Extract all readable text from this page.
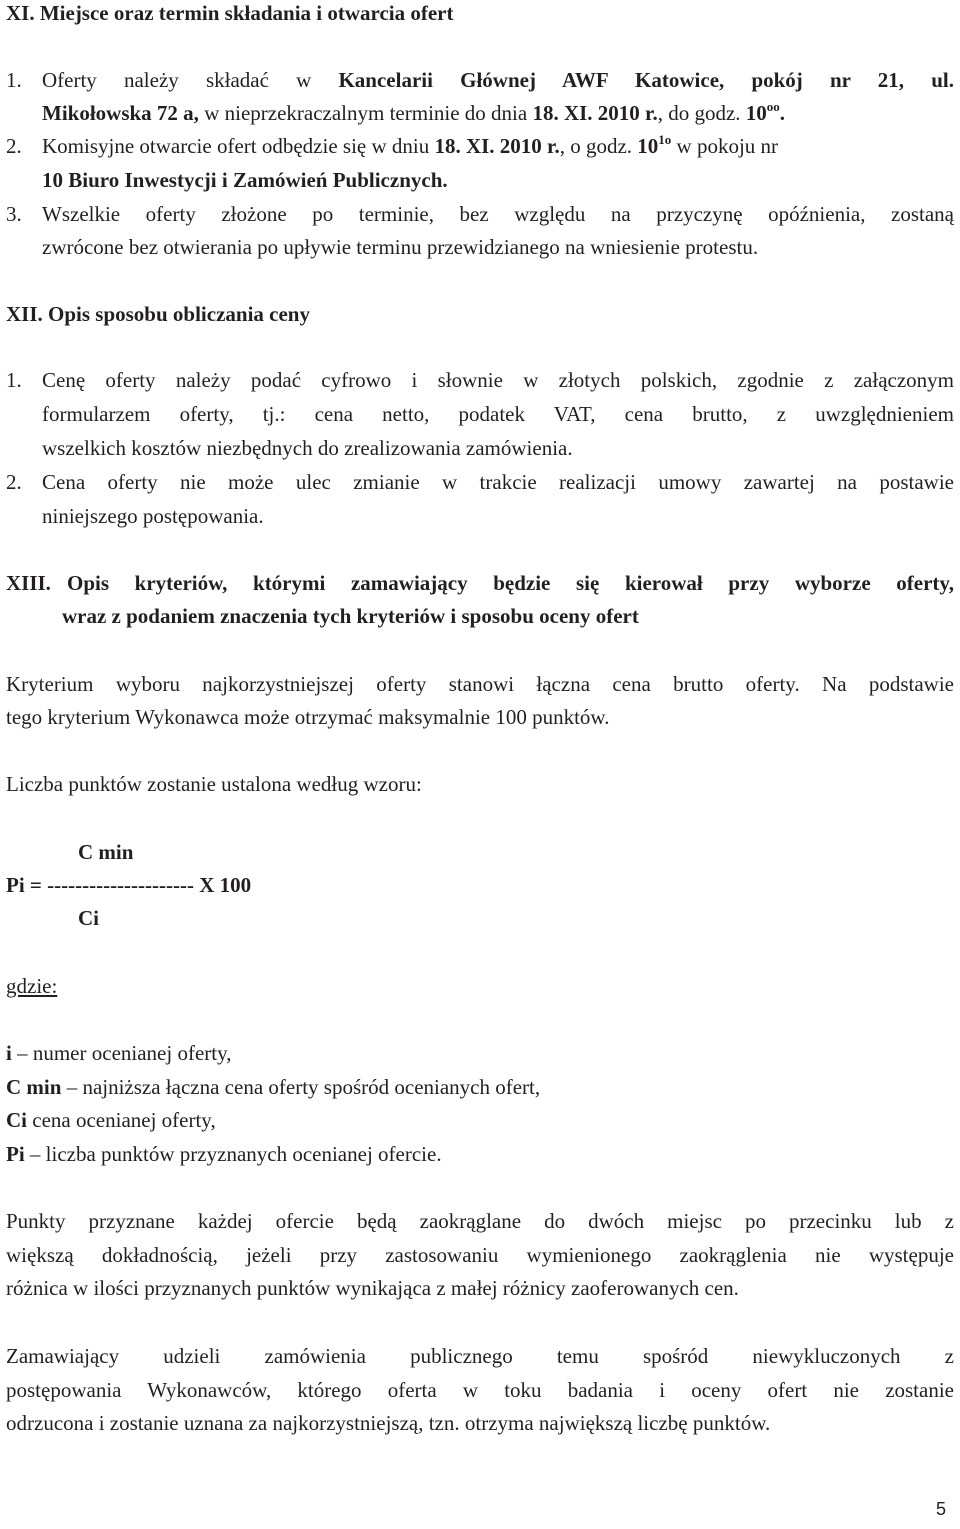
XI. Miejsce oraz termin składania i otwarcia ofert
1. Oferty należy składać w Kancelarii Głównej AWF Katowice, pokój nr 21, ul.
Mikołowska 72 a, w nieprzekraczalnym terminie do dnia 18. XI. 2010 r., do godz. $10^{oo}$.
2. Komisyjne otwarcie ofert odbędzie się w dniu 18. XI. 2010 r., o godz. $10^{1o}$ w pokoju nr
10 Biuro Inwestycji i Zamówień Publicznych.
3. Wszelkie oferty złożone po terminie, bez względu na przyczynę opóźnienia, zostaną
zwrócone bez otwierania po upływie terminu przewidzianego na wniesienie protestu.
XII. Opis sposobu obliczania ceny
1. Cenę oferty należy podać cyfrowo i słownie w złotych polskich, zgodnie z załączonym
formularzem oferty, tj.: cena netto, podatek VAT, cena brutto, z uwzględnieniem
wszelkich kosztów niezbędnych do zrealizowania zamówienia.
2. Cena oferty nie może ulec zmianie w trakcie realizacji umowy zawartej na postawie
niniejszego postępowania.
XIII. Opis kryteriów, którymi zamawiający będzie się kierował przy wyborze oferty,
wraz z podaniem znaczenia tych kryteriów i sposobu oceny ofert
Kryterium wyboru najkorzystniejszej oferty stanowi łączna cena brutto oferty. Na podstawie
tego kryterium Wykonawca może otrzymać maksymalnie 100 punktów.
Liczba punktów zostanie ustalona według wzoru:
C min
Pi = --------------------- X 100
Ci
gdzie:
i – numer ocenianej oferty,
C min – najniższa łączna cena oferty spośród ocenianych ofert,
Ci cena ocenianej oferty,
Pi – liczba punktów przyznanych ocenianej ofercie.
Punkty przyznane każdej ofercie będą zaokrąglane do dwóch miejsc po przecinku lub z
większą dokładnością, jeżeli przy zastosowaniu wymienionego zaokrąglenia nie występuje
różnica w ilości przyznanych punktów wynikająca z małej różnicy zaoferowanych cen.
Zamawiający udzieli zamówienia publicznego temu spośród niewykluczonych z
postępowania Wykonawców, którego oferta w toku badania i oceny ofert nie zostanie
odrzucona i zostanie uznana za najkorzystniejszą, tzn. otrzyma największą liczbę punktów.
5
